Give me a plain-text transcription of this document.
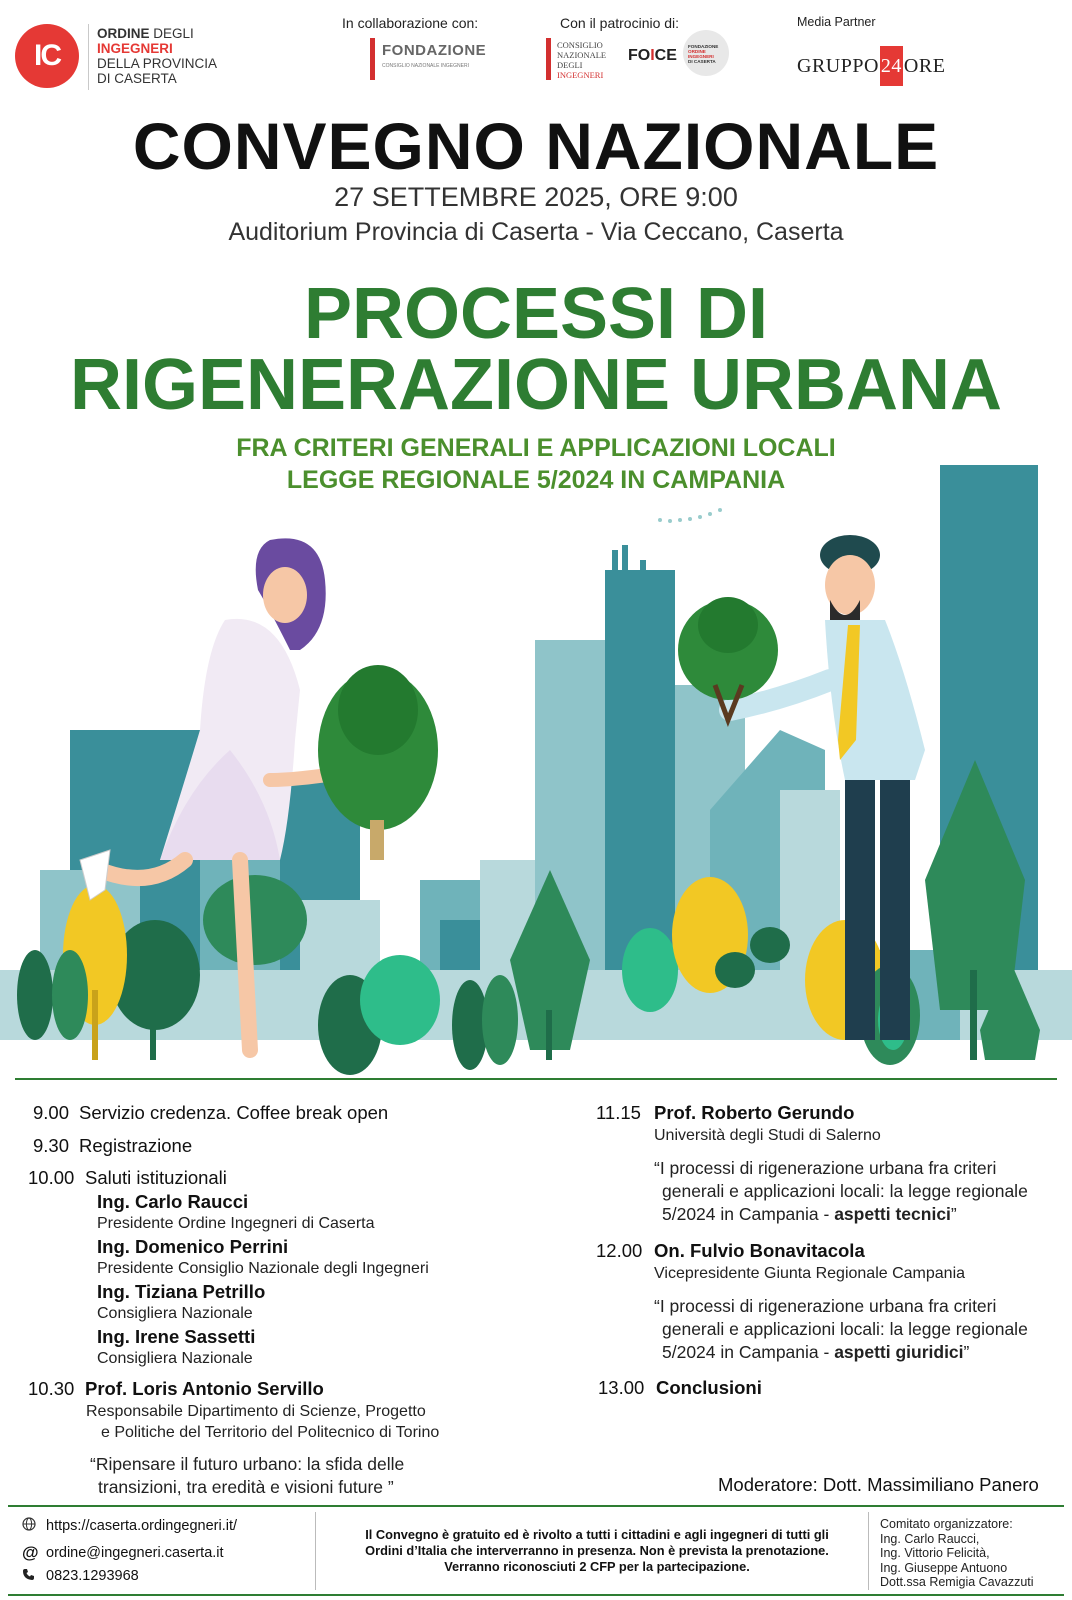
IC
ORDINE DEGLI
INGEGNERI
DELLA PROVINCIA
DI CASERTA
In collaborazione con:
FONDAZIONE
CONSIGLIO NAZIONALE INGEGNERI
Con il patrocinio di:
CONSIGLIO
NAZIONALE
DEGLI
INGEGNERI
FOICE
FONDAZIONE
ORDINE
INGEGNERI
DI CASERTA
Media Partner
GRUPPO 24 ORE
CONVEGNO NAZIONALE
27 SETTEMBRE 2025, ORE 9:00
Auditorium Provincia di Caserta - Via Ceccano, Caserta
PROCESSI DI
RIGENERAZIONE URBANA
FRA CRITERI GENERALI E APPLICAZIONI LOCALI
LEGGE REGIONALE 5/2024 IN CAMPANIA
9.00 Servizio credenza. Coffee break open
9.30 Registrazione
10.00 Saluti istituzionali
Ing. Carlo Raucci
Presidente Ordine Ingegneri di Caserta
Ing. Domenico Perrini
Presidente Consiglio Nazionale degli Ingegneri
Ing. Tiziana Petrillo
Consigliera Nazionale
Ing. Irene Sassetti
Consigliera Nazionale
10.30 Prof. Loris Antonio Servillo
Responsabile Dipartimento di Scienze, Progetto
e Politiche del Territorio del Politecnico di Torino
“Ripensare il futuro urbano: la sfida delle
transizioni, tra eredità e visioni future ”
11.15 Prof. Roberto Gerundo
Università degli Studi di Salerno
“I processi di rigenerazione urbana fra criteri
generali e applicazioni locali: la legge regionale
5/2024 in Campania - aspetti tecnici”
12.00 On. Fulvio Bonavitacola
Vicepresidente Giunta Regionale Campania
“I processi di rigenerazione urbana fra criteri
generali e applicazioni locali: la legge regionale
5/2024 in Campania - aspetti giuridici”
13.00 Conclusioni
Moderatore: Dott. Massimiliano Panero
https://caserta.ordingegneri.it/
@ ordine@ingegneri.caserta.it
0823.1293968
Il Convegno è gratuito ed è rivolto a tutti i cittadini e agli ingegneri di tutti gli
Ordini d’Italia che interverranno in presenza. Non è prevista la prenotazione.
Verranno riconosciuti 2 CFP per la partecipazione.
Comitato organizzatore:
Ing. Carlo Raucci,
Ing. Vittorio Felicità,
Ing. Giuseppe Antuono
Dott.ssa Remigia Cavazzuti
